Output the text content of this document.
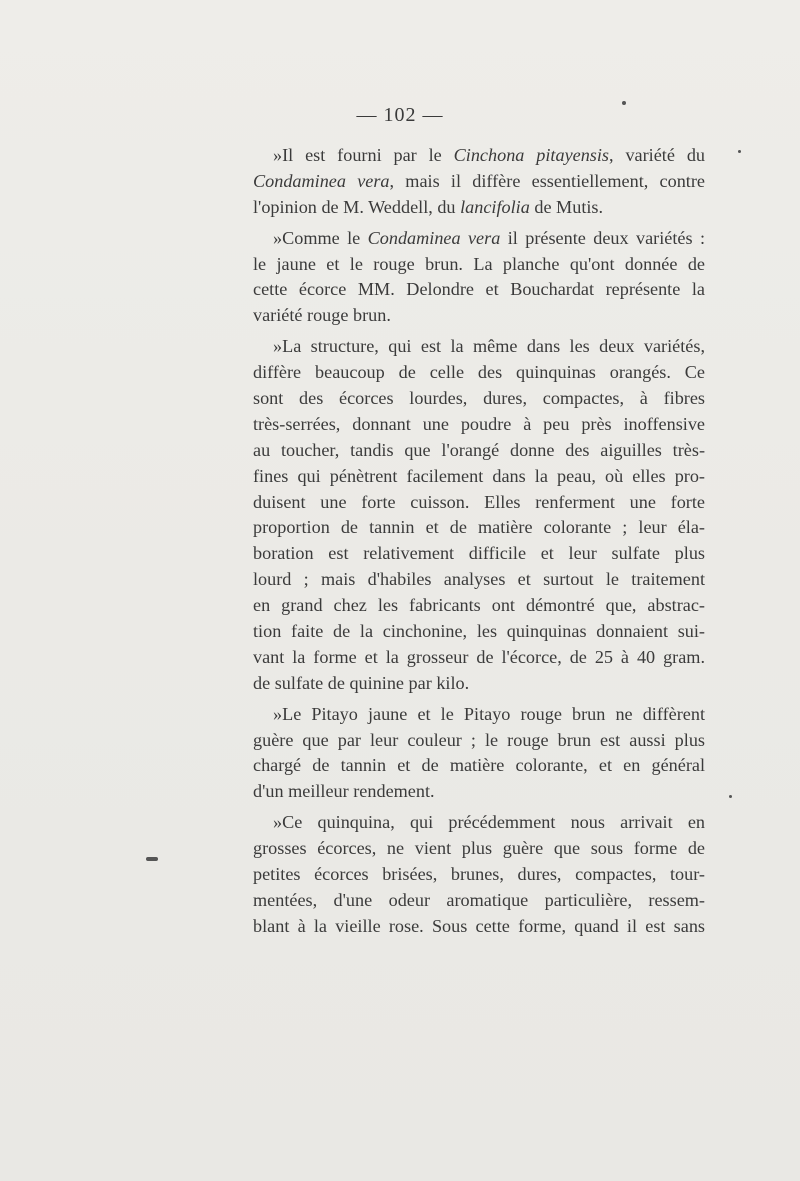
— 102 —
»Il est fourni par le Cinchona pitayensis, variété du
Condaminea vera, mais il diffère essentiellement, contre
l'opinion de M. Weddell, du lancifolia de Mutis.
»Comme le Condaminea vera il présente deux variétés :
le jaune et le rouge brun. La planche qu'ont donnée de
cette écorce MM. Delondre et Bouchardat représente la
variété rouge brun.
»La structure, qui est la même dans les deux variétés,
diffère beaucoup de celle des quinquinas orangés. Ce
sont des écorces lourdes, dures, compactes, à fibres
très-serrées, donnant une poudre à peu près inoffensive
au toucher, tandis que l'orangé donne des aiguilles très-
fines qui pénètrent facilement dans la peau, où elles pro-
duisent une forte cuisson. Elles renferment une forte
proportion de tannin et de matière colorante ; leur éla-
boration est relativement difficile et leur sulfate plus
lourd ; mais d'habiles analyses et surtout le traitement
en grand chez les fabricants ont démontré que, abstrac-
tion faite de la cinchonine, les quinquinas donnaient sui-
vant la forme et la grosseur de l'écorce, de 25 à 40 gram.
de sulfate de quinine par kilo.
»Le Pitayo jaune et le Pitayo rouge brun ne diffèrent
guère que par leur couleur ; le rouge brun est aussi plus
chargé de tannin et de matière colorante, et en général
d'un meilleur rendement.
»Ce quinquina, qui précédemment nous arrivait en
grosses écorces, ne vient plus guère que sous forme de
petites écorces brisées, brunes, dures, compactes, tour-
mentées, d'une odeur aromatique particulière, ressem-
blant à la vieille rose. Sous cette forme, quand il est sans
